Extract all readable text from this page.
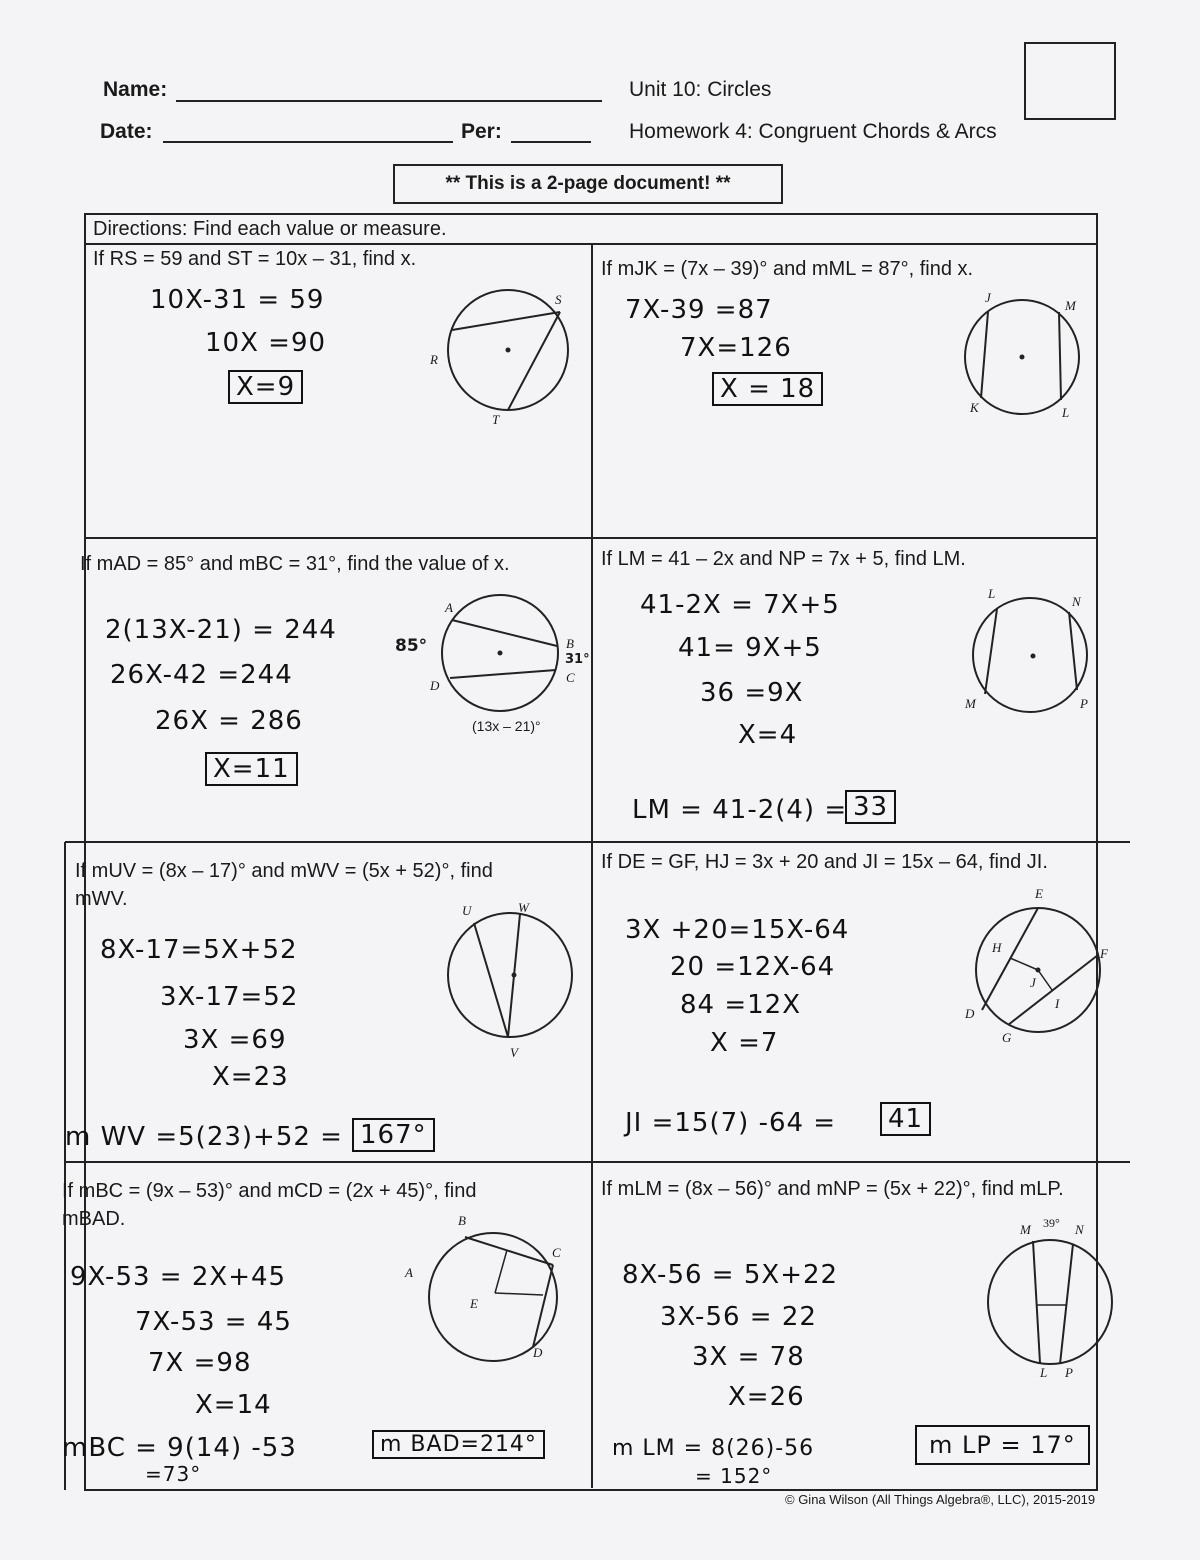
Name:
Date:	Per:
Unit 10: Circles
Homework 4: Congruent Chords & Arcs
** This is a 2-page document! **
Directions: Find each value or measure.
If RS = 59 and ST = 10x – 31, find x.
10X-31 = 59
10X =90
X=9
S
R
T
If mJK = (7x – 39)° and mML = 87°, find x.
7X-39 =87
7X=126
X = 18
J
M
K	L
If mAD = 85° and mBC = 31°, find the value of x.
2(13X-21) = 244
26X-42 =244
26X = 286
X=11
A
B
C
D
85°
31°
(13x – 21)°
If LM = 41 – 2x and NP = 7x + 5, find LM.
41-2X = 7X+5
41= 9X+5
36 =9X
X=4
LM = 41-2(4) = 33
L
N
M	P
If mUV = (8x – 17)° and mWV = (5x + 52)°, find mWV.
8X-17=5X+52
3X-17=52
3X =69
X=23
m WV =5(23)+52 = 167°
U	W
V
If DE = GF, HJ = 3x + 20 and JI = 15x – 64, find JI.
3X +20=15X-64
20 =12X-64
84 =12X
X =7
JI =15(7) -64 =	41
E
H	F
J
I
D
G
If mBC = (9x – 53)° and mCD = (2x + 45)°, find mBAD.
9X-53 = 2X+45
7X-53 = 45
7X =98
X=14
mBC = 9(14) -53
=73°
m BAD=214°
B
C
A
E
D
If mLM = (8x – 56)° and mNP = (5x + 22)°, find mLP.
8X-56 = 5X+22
3X-56 = 22
3X = 78
X=26
m LM = 8(26)-56
= 152°
m LP = 17°
M 39° N
L P
© Gina Wilson (All Things Algebra®, LLC), 2015-2019
